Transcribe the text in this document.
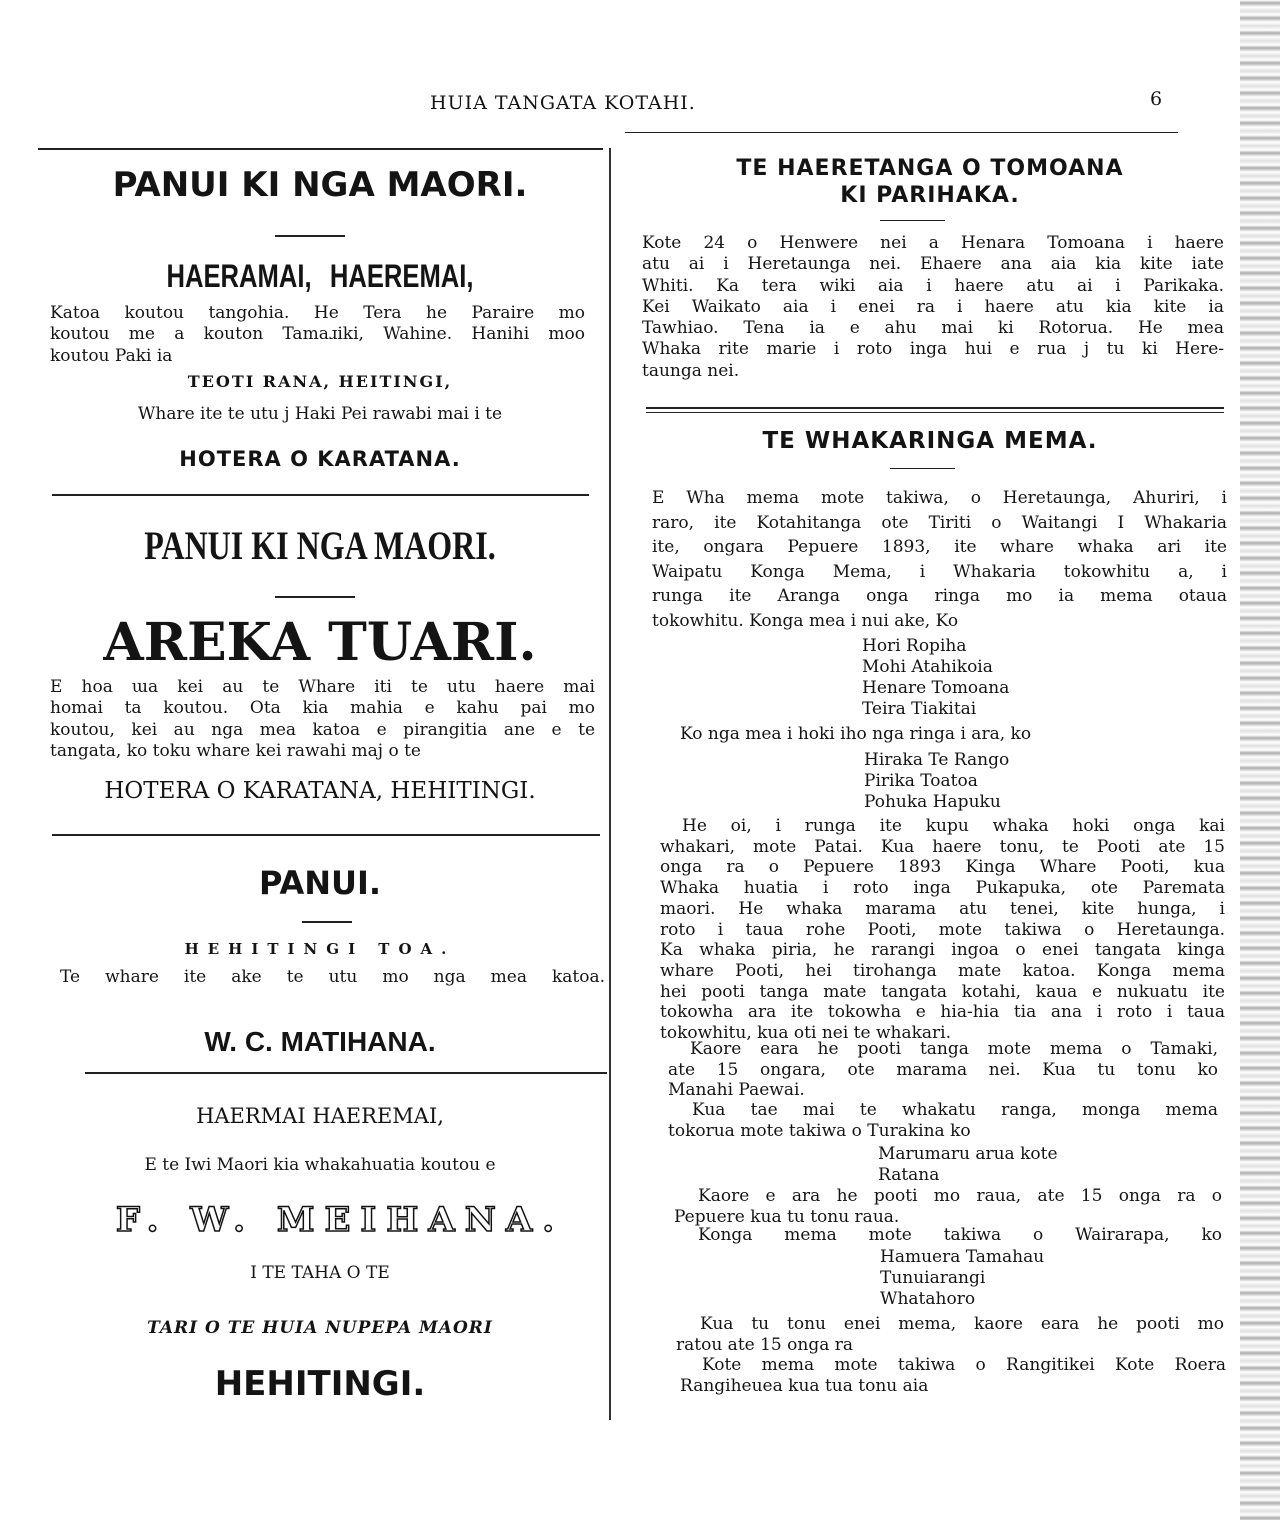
HUIA TANGATA KOTAHI.	6
PANUI KI NGA MAORI.
HAERAMAI, HAEREMAI,
Katoa koutou tangohia. He Tera he Paraire mo
koutou me a kouton Tamaɹiki, Wahine. Hanihi moo
koutou Paki ia
TEOTI RANA, HEITINGI,
Whare ite te utu j Haki Pei rawabi mai i te
HOTERA O KARATANA.
PANUI KI NGA MAORI.
AREKA TUARI.
E hoa ɯa kei au te Whare iti te utu haere mai
homai ta koutou. Ota kia mahia e kahu pai mo
koutou, kei au nga mea katoa e pirangitia ane e te
tangata, ko toku whare kei rawahi maj o te
HOTERA O KARATANA, HEHITINGI.
PANUI.
HEHITINGI TOA.
Te whare ite ake te utu mo nga mea katoa.
W. C. MATIHANA.
HAERMAI HAEREMAI,
E te Iwi Maori kia whakahuatia koutou e
F. W. MEIHANA.
I TE TAHA O TE
TARI O TE HUIA NUPEPA MAORI
HEHITINGI.
TE HAERETANGA O TOMOANA
KI PARIHAKA.
Kote 24 o Henwere nei a Henara Tomoana i haere
atu ai i Heretaunga nei. Ehaere ana aia kia kite iate
Whiti. Ka tera wiki aia i haere atu ai i Parikaka.
Kei Waikato aia i enei ra i haere atu kia kite ia
Tawhiao. Tena ia e ahu mai ki Rotorua. He mea
Whaka rite marie i roto inga hui e rua j tu ki Here-
taunga nei.
TE WHAKARINGA MEMA.
E Wha mema mote takiwa, o Heretaunga, Ahuriri, i
raro, ite Kotahitanga ote Tiriti o Waitangi I Whakaria
ite, ongara Pepuere 1893, ite whare whaka ari ite
Waipatu Konga Mema, i Whakaria tokowhitu a, i
runga ite Aranga onga ringa mo ia mema otaua
tokowhitu. Konga mea i nui ake, Ko
Hori Ropiha
Mohi Atahikoia
Henare Tomoana
Teira Tiakitai
Ko nga mea i hoki iho nga ringa i ara, ko
Hiraka Te Rango
Pirika Toatoa
Pohuka Hapuku
He oi, i runga ite kupu whaka hoki onga kai
whakari, mote Patai. Kua haere tonu, te Pooti ate 15
onga ra o Pepuere 1893 Kinga Whare Pooti, kua
Whaka huatia i roto inga Pukapuka, ote Paremata
maori. He whaka marama atu tenei, kite hunga, i
roto i taua rohe Pooti, mote takiwa o Heretaunga.
Ka whaka piria, he rarangi ingoa o enei tangata kinga
whare Pooti, hei tirohanga mate katoa. Konga mema
hei pooti tanga mate tangata kotahi, kaua e nukuatu ite
tokowha ara ite tokowha e hia-hia tia ana i roto i taua
tokowhitu, kua oti nei te whakari.
Kaore eara he pooti tanga mote mema o Tamaki,
ate 15 ongara, ote marama nei. Kua tu tonu ko
Manahi Paewai.
Kua tae mai te whakatu ranga, monga mema
tokorua mote takiwa o Turakina ko
Marumaru arua kote
Ratana
Kaore e ara he pooti mo raua, ate 15 onga ra o
Pepuere kua tu tonu raua.
Konga mema mote takiwa o Wairarapa, ko
Hamuera Tamahau
Tunuiarangi
Whatahoro
Kua tu tonu enei mema, kaore eara he pooti mo
ratou ate 15 onga ra
Kote mema mote takiwa o Rangitikei Kote Roera
Rangiheuea kua tua tonu aia
